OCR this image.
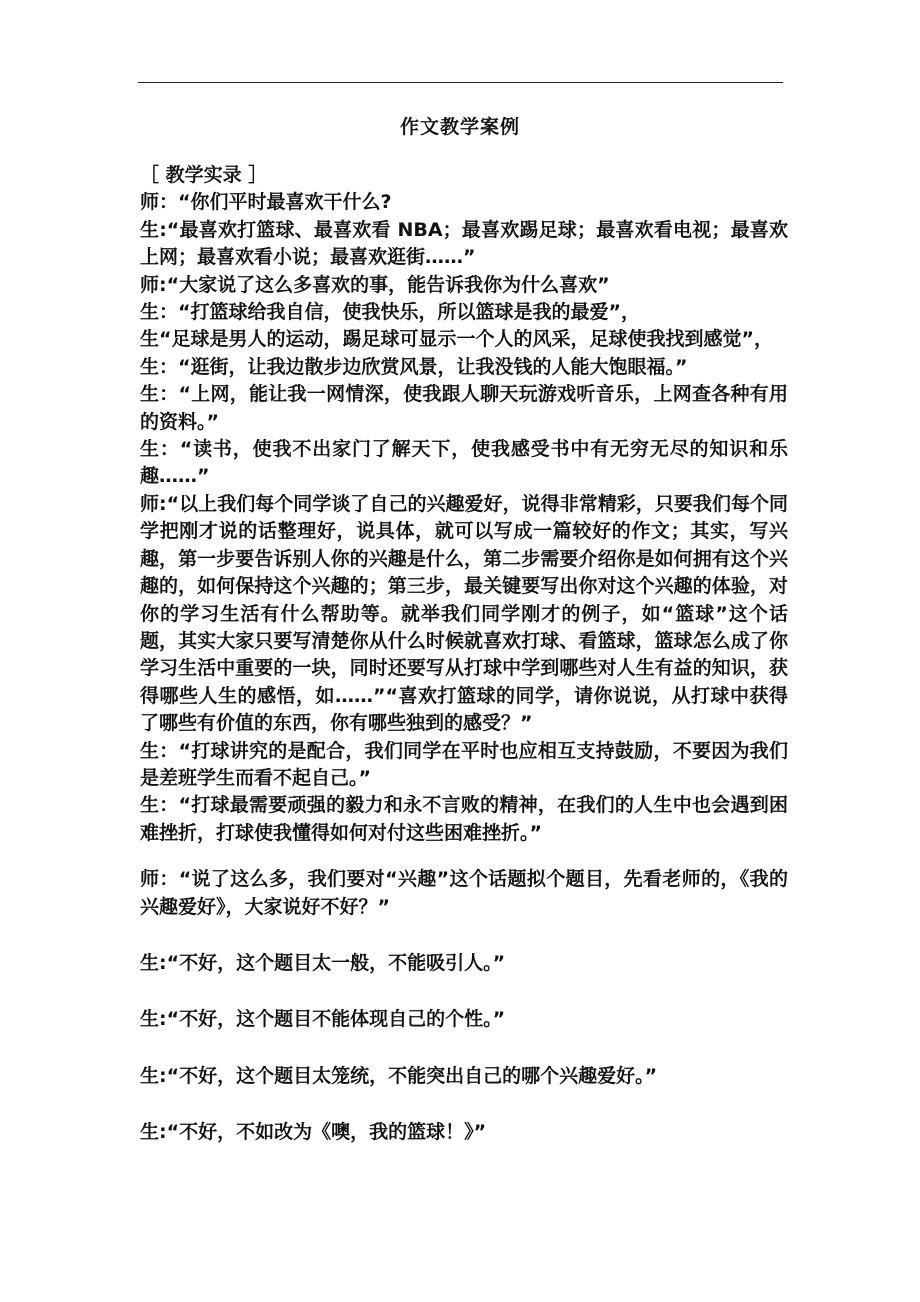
作文教学案例

［ 教学实录 ］

师：“你们平时最喜欢干什么?

生:“最喜欢打篮球、最喜欢看 NBA；最喜欢踢足球；最喜欢看电视；最喜欢上网；最喜欢看小说；最喜欢逛街……”

师:“大家说了这么多喜欢的事，能告诉我你为什么喜欢”

生：“打篮球给我自信，使我快乐，所以篮球是我的最爱”，

生“足球是男人的运动，踢足球可显示一个人的风采，足球使我找到感觉”，

生：“逛街，让我边散步边欣赏风景，让我没钱的人能大饱眼福。”

生：“上网，能让我一网情深，使我跟人聊天玩游戏听音乐，上网查各种有用的资料。”

生：“读书，使我不出家门了解天下，使我感受书中有无穷无尽的知识和乐趣……”

师:“以上我们每个同学谈了自己的兴趣爱好，说得非常精彩，只要我们每个同学把刚才说的话整理好，说具体，就可以写成一篇较好的作文；其实，写兴趣，第一步要告诉别人你的兴趣是什么，第二步需要介绍你是如何拥有这个兴趣的，如何保持这个兴趣的；第三步，最关键要写出你对这个兴趣的体验，对你的学习生活有什么帮助等。就举我们同学刚才的例子，如“篮球”这个话题，其实大家只要写清楚你从什么时候就喜欢打球、看篮球，篮球怎么成了你学习生活中重要的一块，同时还要写从打球中学到哪些对人生有益的知识，获得哪些人生的感悟，如……”“喜欢打篮球的同学，请你说说，从打球中获得了哪些有价值的东西，你有哪些独到的感受？”

生：“打球讲究的是配合，我们同学在平时也应相互支持鼓励，不要因为我们是差班学生而看不起自己。”

生：“打球最需要顽强的毅力和永不言败的精神，在我们的人生中也会遇到困难挫折，打球使我懂得如何对付这些困难挫折。”

师：“说了这么多，我们要对“兴趣”这个话题拟个题目，先看老师的，《我的兴趣爱好》，大家说好不好？”

生:“不好，这个题目太一般，不能吸引人。”

生:“不好，这个题目不能体现自己的个性。”

生:“不好，这个题目太笼统，不能突出自己的哪个兴趣爱好。”

生:“不好，不如改为《噢，我的篮球！》”
